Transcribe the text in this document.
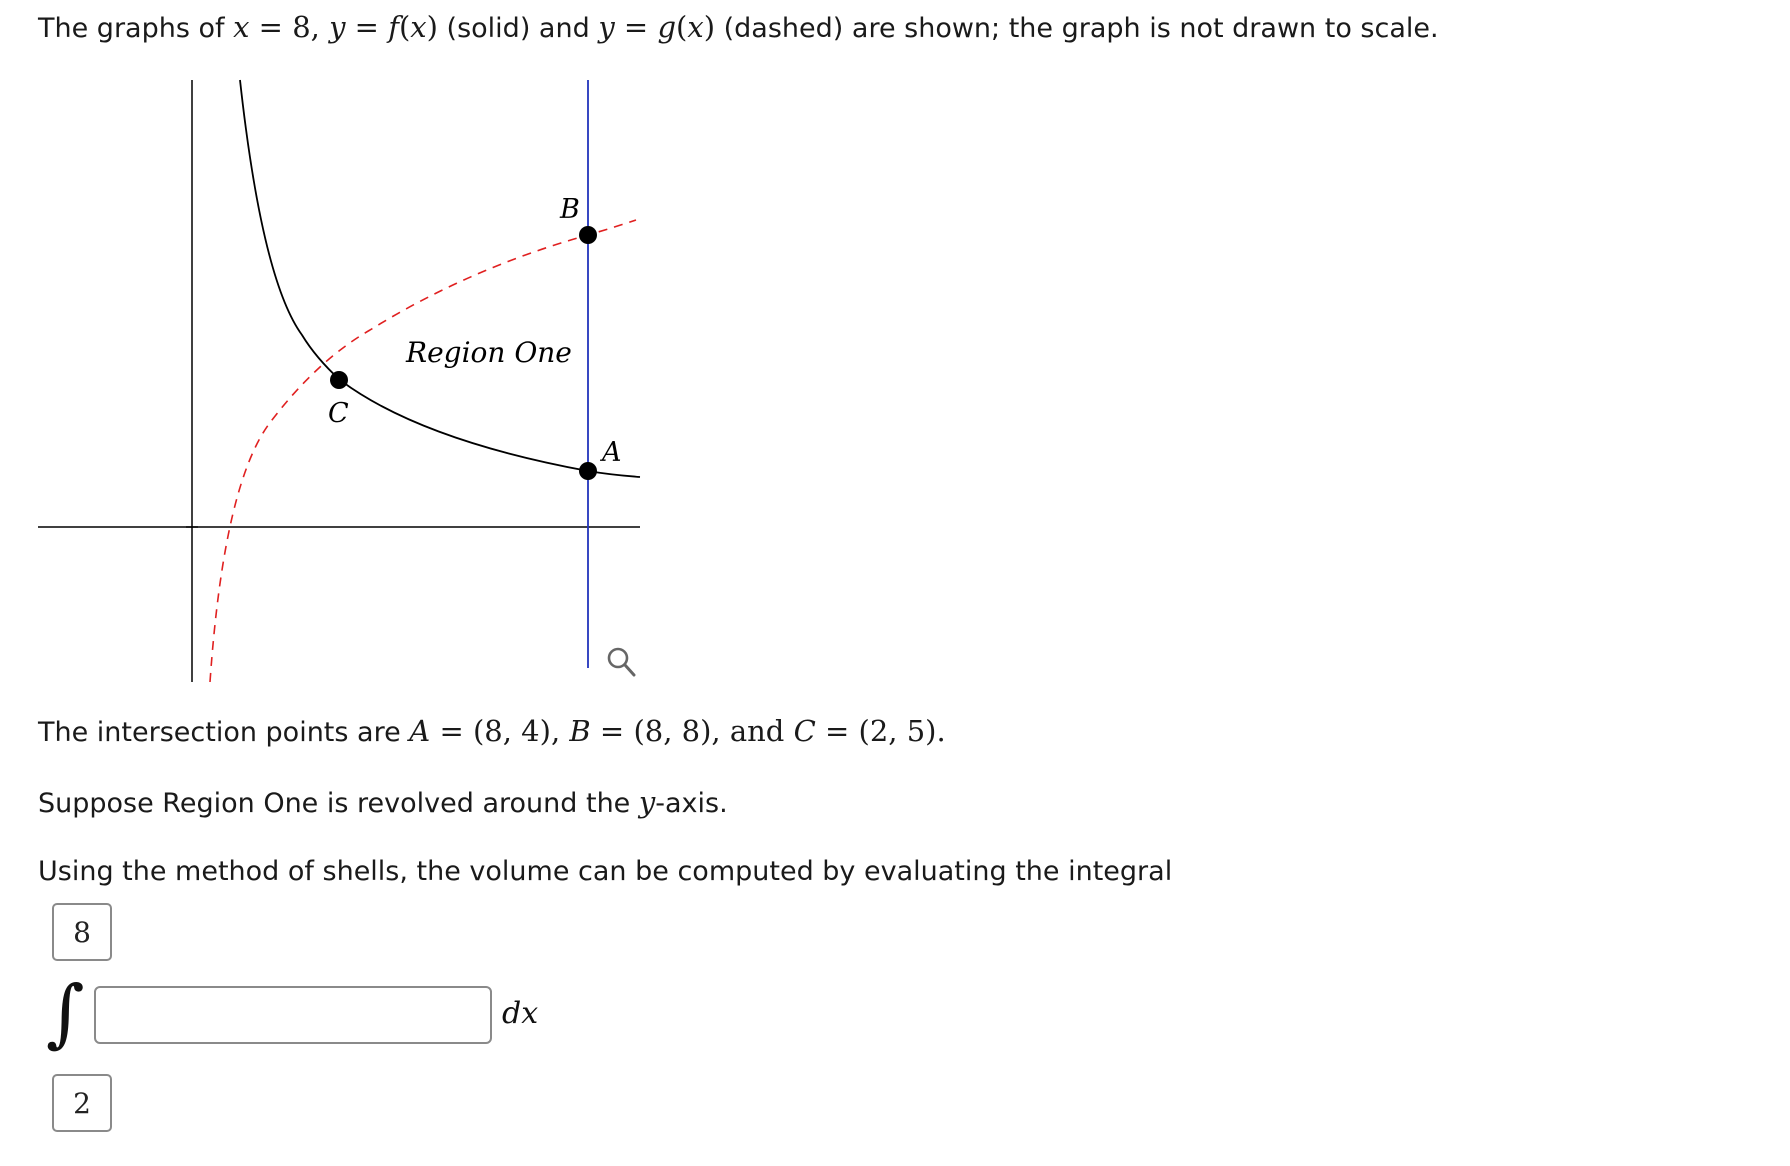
The graphs of x = 8, y = f(x) (solid) and y = g(x) (dashed) are shown; the graph is not drawn to scale.
B
A
C
Region One
The intersection points are A = (8, 4), B = (8, 8), and C = (2, 5).
Suppose Region One is revolved around the y-axis.
Using the method of shells, the volume can be computed by evaluating the integral
8
∫	dx
2
